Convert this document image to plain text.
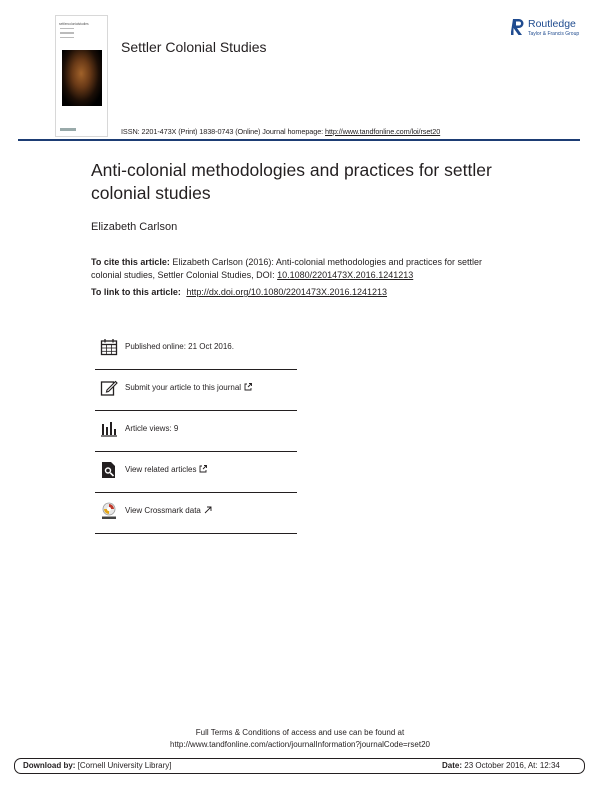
settlercolonialstudies
Settler Colonial Studies
Routledge
Taylor & Francis Group
ISSN: 2201-473X (Print) 1838-0743 (Online) Journal homepage: http://www.tandfonline.com/loi/rset20
Anti-colonial methodologies and practices for settler colonial studies
Elizabeth Carlson
To cite this article: Elizabeth Carlson (2016): Anti-colonial methodologies and practices for settler colonial studies, Settler Colonial Studies, DOI: 10.1080/2201473X.2016.1241213
To link to this article: http://dx.doi.org/10.1080/2201473X.2016.1241213
Published online: 21 Oct 2016.
Submit your article to this journal
Article views: 9
View related articles
View Crossmark data
Full Terms & Conditions of access and use can be found at
http://www.tandfonline.com/action/journalInformation?journalCode=rset20
Download by: [Cornell University Library]	Date: 23 October 2016, At: 12:34
